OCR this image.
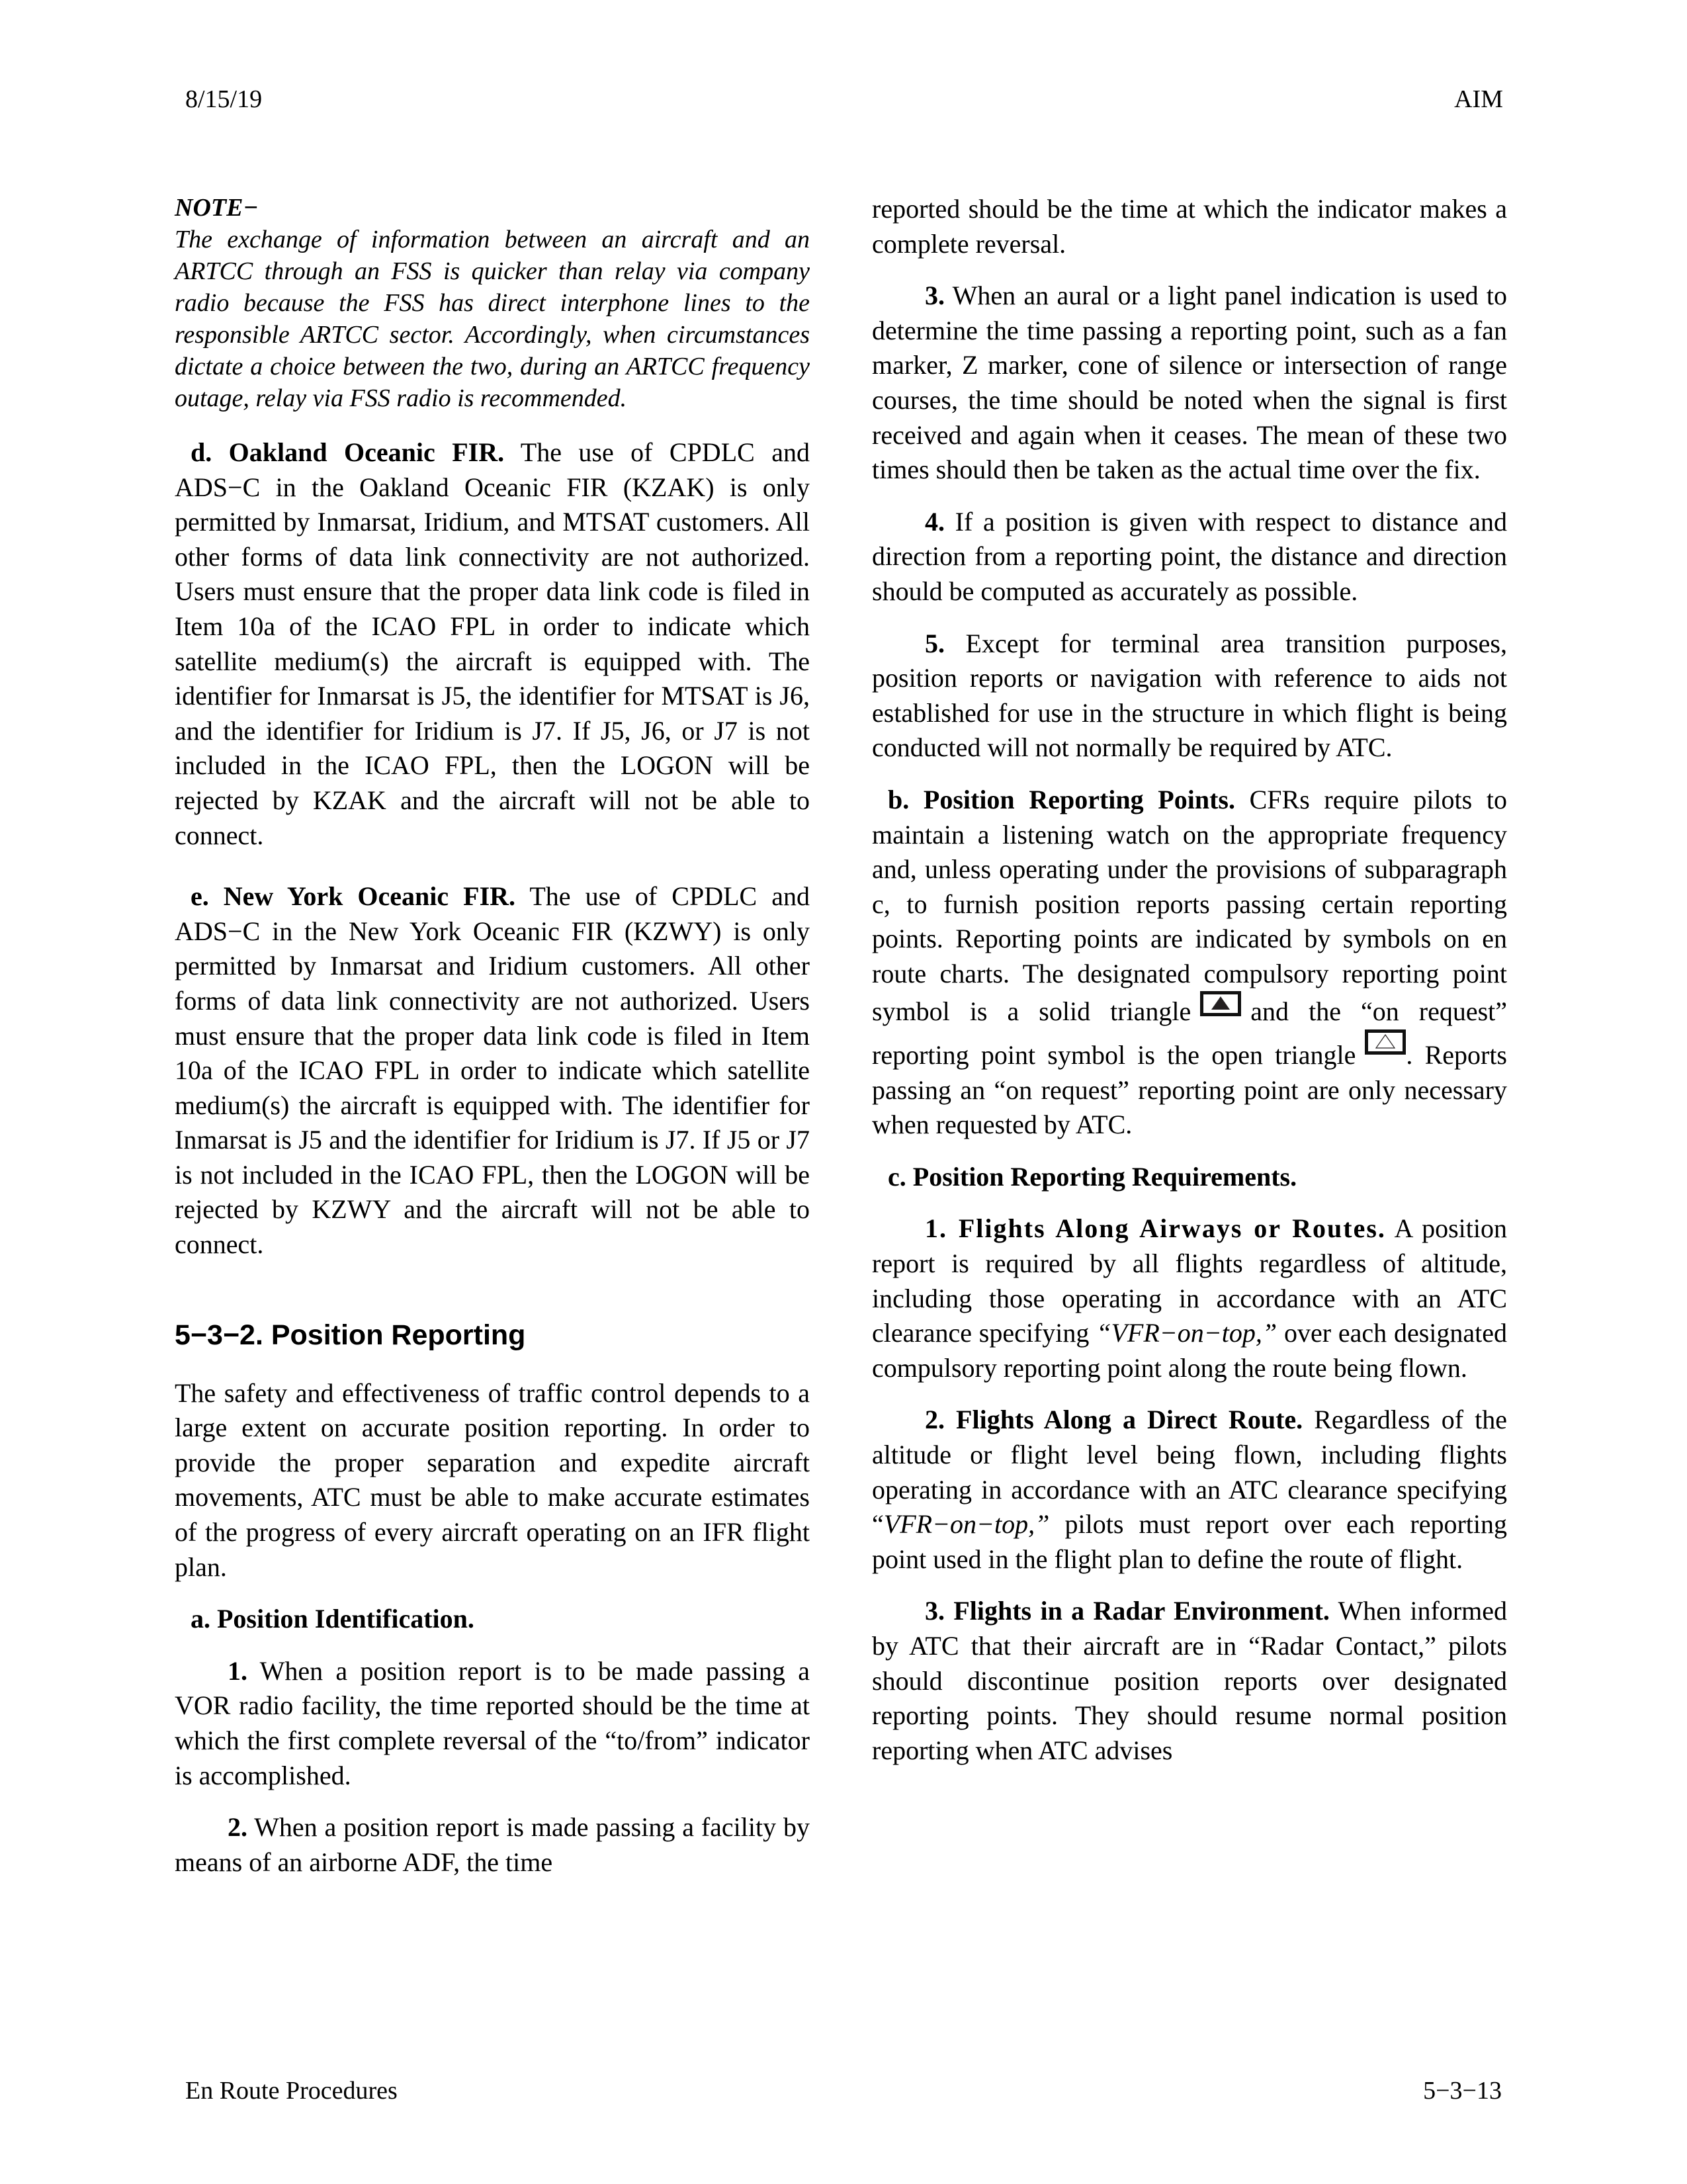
8/15/19	AIM
NOTE−

The exchange of information between an aircraft and an ARTCC through an FSS is quicker than relay via company radio because the FSS has direct interphone lines to the responsible ARTCC sector. Accordingly, when circumstances dictate a choice between the two, during an ARTCC frequency outage, relay via FSS radio is recommended.

d. Oakland Oceanic FIR. The use of CPDLC and ADS−C in the Oakland Oceanic FIR (KZAK) is only permitted by Inmarsat, Iridium, and MTSAT customers. All other forms of data link connectivity are not authorized. Users must ensure that the proper data link code is filed in Item 10a of the ICAO FPL in order to indicate which satellite medium(s) the aircraft is equipped with. The identifier for Inmarsat is J5, the identifier for MTSAT is J6, and the identifier for Iridium is J7. If J5, J6, or J7 is not included in the ICAO FPL, then the LOGON will be rejected by KZAK and the aircraft will not be able to connect.

e. New York Oceanic FIR. The use of CPDLC and ADS−C in the New York Oceanic FIR (KZWY) is only permitted by Inmarsat and Iridium customers. All other forms of data link connectivity are not authorized. Users must ensure that the proper data link code is filed in Item 10a of the ICAO FPL in order to indicate which satellite medium(s) the aircraft is equipped with. The identifier for Inmarsat is J5 and the identifier for Iridium is J7. If J5 or J7 is not included in the ICAO FPL, then the LOGON will be rejected by KZWY and the aircraft will not be able to connect.

5−3−2. Position Reporting

The safety and effectiveness of traffic control depends to a large extent on accurate position reporting. In order to provide the proper separation and expedite aircraft movements, ATC must be able to make accurate estimates of the progress of every aircraft operating on an IFR flight plan.

a. Position Identification.

1. When a position report is to be made passing a VOR radio facility, the time reported should be the time at which the first complete reversal of the “to/from” indicator is accomplished.

2. When a position report is made passing a facility by means of an airborne ADF, the time

reported should be the time at which the indicator makes a complete reversal.

3. When an aural or a light panel indication is used to determine the time passing a reporting point, such as a fan marker, Z marker, cone of silence or intersection of range courses, the time should be noted when the signal is first received and again when it ceases. The mean of these two times should then be taken as the actual time over the fix.

4. If a position is given with respect to distance and direction from a reporting point, the distance and direction should be computed as accurately as possible.

5. Except for terminal area transition purposes, position reports or navigation with reference to aids not established for use in the structure in which flight is being conducted will not normally be required by ATC.

b. Position Reporting Points. CFRs require pilots to maintain a listening watch on the appropriate frequency and, unless operating under the provisions of subparagraph c, to furnish position reports passing certain reporting points. Reporting points are indicated by symbols on en route charts. The designated compulsory reporting point symbol is a solid triangle and the “on request” reporting point symbol is the open triangle . Reports passing an “on request” reporting point are only necessary when requested by ATC.

c. Position Reporting Requirements.

1. Flights Along Airways or Routes. A position report is required by all flights regardless of altitude, including those operating in accordance with an ATC clearance specifying “VFR−on−top,” over each designated compulsory reporting point along the route being flown.

2. Flights Along a Direct Route. Regardless of the altitude or flight level being flown, including flights operating in accordance with an ATC clearance specifying “VFR−on−top,” pilots must report over each reporting point used in the flight plan to define the route of flight.

3. Flights in a Radar Environment. When informed by ATC that their aircraft are in “Radar Contact,” pilots should discontinue position reports over designated reporting points. They should resume normal position reporting when ATC advises

En Route Procedures	5−3−13
